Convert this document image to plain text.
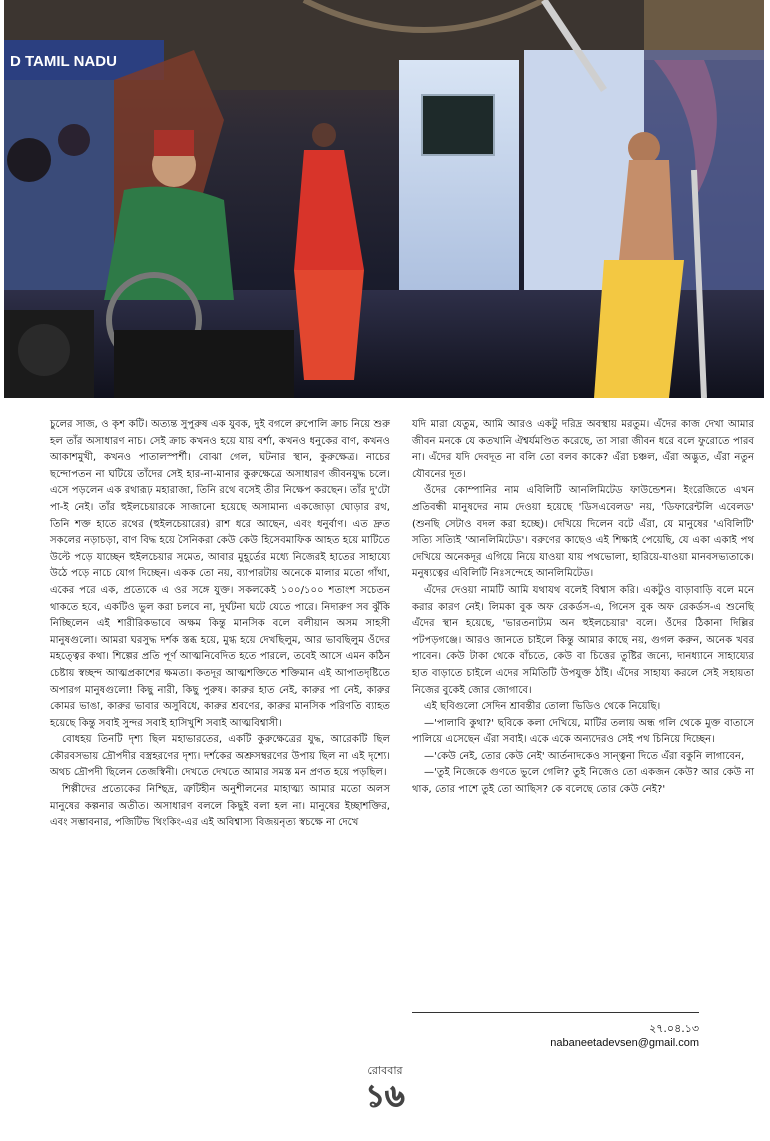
D TAMIL NADU

চুলের সাজ, ও কৃশ কটি। অত্যন্ত সুপুরুষ এক যুবক, দুই বগলে রুপোলি ক্রাচ নিয়ে শুরু হল তাঁর অসাধারণ নাচ। সেই ক্রাচ কখনও হয়ে যায় বর্শা, কখনও ধনুকের বাণ, কখনও আকাশমুখী, কখনও পাতালস্পর্শী। বোঝা গেল, ঘটনার স্থান, কুরুক্ষেত্র। নাচের ছন্দোপতন না ঘটিয়ে তাঁদের সেই হার-না-মানার কুরুক্ষেত্রে অসাধারণ জীবনযুদ্ধ চলে। এসে পড়লেন এক রথারূঢ় মহারাজা, তিনি রথে বসেই তীর নিক্ষেপ করছেন। তাঁর দু'টো পা-ই নেই। তাঁর হুইলচেয়ারকে সাজানো হয়েছে অসামান্য একজোড়া ঘোড়ার রথ, তিনি শক্ত হাতে রথের (হুইলচেয়ারের) রাশ ধরে আছেন, এবং ধনুর্বাণ। এত দ্রুত সকলের নড়াচড়া, বাণ বিদ্ধ হয়ে সৈনিকরা কেউ কেউ হিসেবমাফিক আহত হয়ে মাটিতে উল্টে পড়ে যাচ্ছেন হুইলচেয়ার সমেত, আবার মুহূর্তের মধ্যে নিজেরই হাতের সাহায্যে উঠে পড়ে নাচে যোগ দিচ্ছেন। একক তো নয়, ব্যাপারটায় অনেকে মালার মতো গাঁথা, একের পরে এক, প্রত্যেকে এ ওর সঙ্গে যুক্ত। সকলকেই ১০০/১০০ শতাংশ সচেতন থাকতে হবে, একটিও ভুল করা চলবে না, দুর্ঘটনা ঘটে যেতে পারে। নিদারুণ সব ঝুঁকি নিচ্ছিলেন এই শারীরিকভাবে অক্ষম কিন্তু মানসিক বলে বলীয়ান অসম সাহসী মানুষগুলো। আমরা ঘরসুদ্ধ দর্শক স্তব্ধ হয়ে, মুগ্ধ হয়ে দেখছিলুম, আর ভাবছিলুম ওঁদের মহত্ত্বের কথা। শিল্পের প্রতি পূর্ণ আত্মনিবেদিত হতে পারলে, তবেই আসে এমন কঠিন চেষ্টায় স্বচ্ছন্দ আত্মপ্রকাশের ক্ষমতা। কতদূর আত্মশক্তিতে শক্তিমান এই আপাতদৃষ্টিতে অপারগ মানুষগুলো! কিছু নারী, কিছু পুরুষ। কারুর হাত নেই, কারুর পা নেই, কারুর কোমর ভাঙা, কারুর ভাবার অসুবিধে, কারুর শ্রবণের, কারুর মানসিক পরিণতি ব্যাহত হয়েছে কিন্তু সবাই সুন্দর সবাই হাসিখুশি সবাই আত্মবিশ্বাসী।

বোধহয় তিনটি দৃশ্য ছিল মহাভারতের, একটি কুরুক্ষেত্রের যুদ্ধ, আরেকটি ছিল কৌরবসভায় দ্রৌপদীর বস্ত্রহরণের দৃশ্য। দর্শকের অশ্রুসম্বরণের উপায় ছিল না এই দৃশ্যে। অথচ দ্রৌপদী ছিলেন তেজস্বিনী। দেখতে দেখতে আমার সমস্ত মন প্রণত হয়ে পড়ছিল।

শিল্পীদের প্রত্যেকের নিশ্ছিদ্র, ত্রুটিহীন অনুশীলনের মাহাত্ম্য আমার মতো অলস মানুষের কল্পনার অতীত। অসাধারণ বললে কিছুই বলা হল না। মানুষের ইচ্ছাশক্তির, এবং সম্ভাবনার, পজিটিভ থিংকিং-এর এই অবিশ্বাস্য বিজয়নৃত্য স্বচক্ষে না দেখে

যদি মারা যেতুম, আমি আরও একটু দরিদ্র অবস্থায় মরতুম। এঁদের কাজ দেখা আমার জীবন মনকে যে কতখানি ঐশ্বর্যমণ্ডিত করেছে, তা সারা জীবন ধরে বলে ফুরোতে পারব না। এঁদের যদি দেবদূত না বলি তো বলব কাকে? এঁরা চঞ্চল, এঁরা অদ্ভুত, এঁরা নতুন যৌবনের দূত।

ওঁদের কোম্পানির নাম এবিলিটি আনলিমিটেড ফাউন্ডেশন। ইংরেজিতে এখন প্রতিবন্ধী মানুষদের নাম দেওয়া হয়েছে 'ডিসএবেলড' নয়, 'ডিফারেন্টলি এবেলড' (শুনছি সেটাও বদল করা হচ্ছে)। দেখিয়ে দিলেন বটে এঁরা, যে মানুষের 'এবিলিটি' সত্যি সত্যিই 'আনলিমিটেড'। বরুণের কাছেও এই শিক্ষাই পেয়েছি, যে একা একাই পথ দেখিয়ে অনেকদূর এগিয়ে নিয়ে যাওয়া যায় পথভোলা, হারিয়ে-যাওয়া মানবসভ্যতাকে। মনুষ্যত্বের এবিলিটি নিঃসন্দেহে আনলিমিটেড।

এঁদের দেওয়া নামটি আমি যথাযথ বলেই বিশ্বাস করি। একটুও বাড়াবাড়ি বলে মনে করার কারণ নেই। লিমকা বুক অফ রেকর্ডস-এ, গিনেস বুক অফ রেকর্ডস-এ শুনেছি এঁদের স্থান হয়েছে, 'ভারতনাট্যম অন হুইলচেয়ার' বলে। ওঁদের ঠিকানা দিল্লির পটপড়গঞ্জে। আরও জানতে চাইলে কিন্তু আমার কাছে নয়, গুগল করুন, অনেক খবর পাবেন। কেউ টাকা থেকে বাঁচতে, কেউ বা চিত্তের তুষ্টির জন্যে, দানধ্যানে সাহায্যের হাত বাড়াতে চাইলে এদের সমিতিটি উপযুক্ত ঠাঁই। এঁদের সাহায্য করলে সেই সহায়তা নিজের বুকেই জোর জোগাবে।

এই ছবিগুলো সেদিন শ্রাবন্তীর তোলা ভিডিও থেকে নিয়েছি।

—'পালাবি কুথা?' ছবিকে কলা দেখিয়ে, মাটির তলায় অন্ধ গলি থেকে মুক্ত বাতাসে পালিয়ে এসেছেন এঁরা সবাই। একে একে অন্যদেরও সেই পথ চিনিয়ে দিচ্ছেন।

—'কেউ নেই, তোর কেউ নেই' আর্তনাদকেও সান্ত্বনা দিতে এঁরা বকুনি লাগাবেন,

—'তুই নিজেকে গুণতে ভুলে গেলি? তুই নিজেও তো একজন কেউ? আর কেউ না থাক, তোর পাশে তুই তো আছিস? কে বলেছে তোর কেউ নেই?'

২৭.০৪.১৩
nabaneetadevsen@gmail.com
রোববার
১৬
